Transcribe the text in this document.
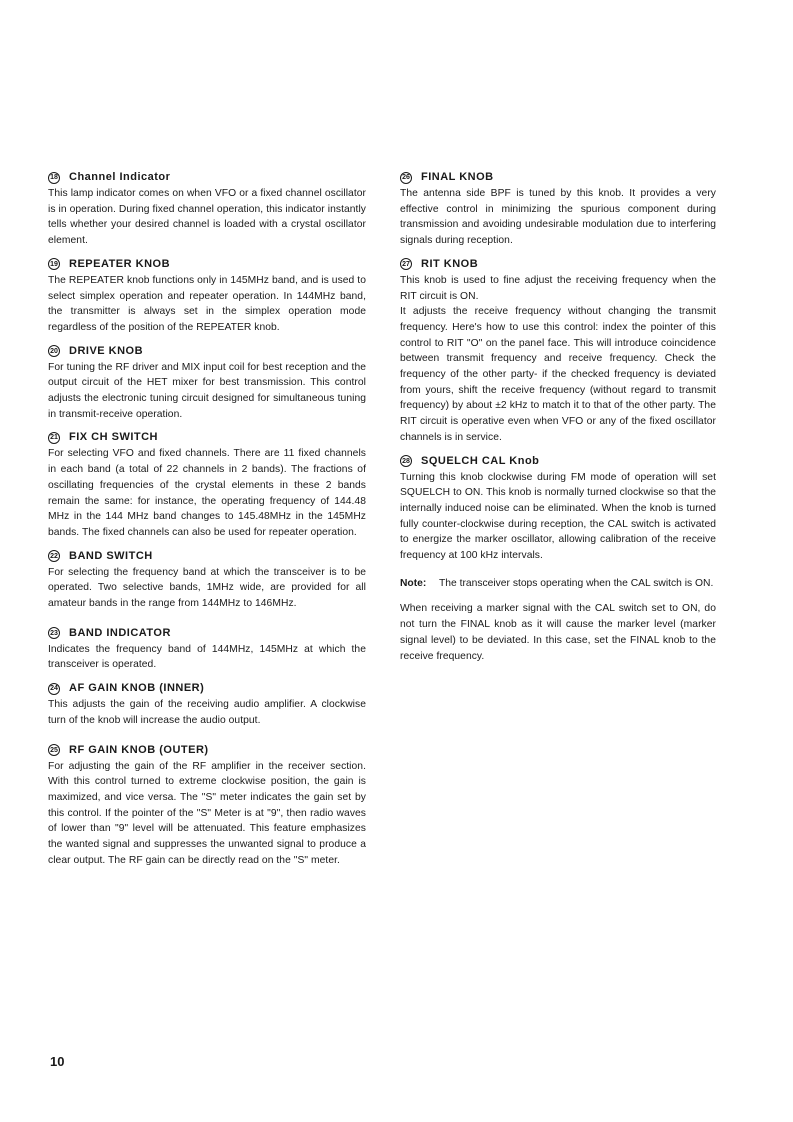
18 Channel Indicator
This lamp indicator comes on when VFO or a fixed channel oscillator is in operation. During fixed channel operation, this indicator instantly tells whether your desired channel is loaded with a crystal oscillator element.
19 REPEATER KNOB
The REPEATER knob functions only in 145MHz band, and is used to select simplex operation and repeater operation. In 144MHz band, the transmitter is always set in the simplex operation mode regardless of the position of the REPEATER knob.
20 DRIVE KNOB
For tuning the RF driver and MIX input coil for best reception and the output circuit of the HET mixer for best transmission. This control adjusts the electronic tuning circuit designed for simultaneous tuning in transmit-receive operation.
21 FIX CH SWITCH
For selecting VFO and fixed channels. There are 11 fixed channels in each band (a total of 22 channels in 2 bands). The fractions of oscillating frequencies of the crystal elements in these 2 bands remain the same: for instance, the operating frequency of 144.48 MHz in the 144 MHz band changes to 145.48MHz in the 145MHz bands. The fixed channels can also be used for repeater operation.
22 BAND SWITCH
For selecting the frequency band at which the transceiver is to be operated. Two selective bands, 1MHz wide, are provided for all amateur bands in the range from 144MHz to 146MHz.
23 BAND INDICATOR
Indicates the frequency band of 144MHz, 145MHz at which the transceiver is operated.
24 AF GAIN KNOB (INNER)
This adjusts the gain of the receiving audio amplifier. A clockwise turn of the knob will increase the audio output.
25 RF GAIN KNOB (OUTER)
For adjusting the gain of the RF amplifier in the receiver section. With this control turned to extreme clockwise position, the gain is maximized, and vice versa. The "S" meter indicates the gain set by this control. If the pointer of the "S" Meter is at "9", then radio waves of lower than "9" level will be attenuated. This feature emphasizes the wanted signal and suppresses the unwanted signal to produce a clear output. The RF gain can be directly read on the "S" meter.
26 FINAL KNOB
The antenna side BPF is tuned by this knob. It provides a very effective control in minimizing the spurious component during transmission and avoiding undesirable modulation due to interfering signals during reception.
27 RIT KNOB
This knob is used to fine adjust the receiving frequency when the RIT circuit is ON.
It adjusts the receive frequency without changing the transmit frequency. Here's how to use this control: index the pointer of this control to RIT "O" on the panel face. This will introduce coincidence between transmit frequency and receive frequency. Check the frequency of the other party- if the checked frequency is deviated from yours, shift the receive frequency (without regard to transmit frequency) by about ±2 kHz to match it to that of the other party. The RIT circuit is operative even when VFO or any of the fixed oscillator channels is in service.
28 SQUELCH CAL Knob
Turning this knob clockwise during FM mode of operation will set SQUELCH to ON. This knob is normally turned clockwise so that the internally induced noise can be eliminated. When the knob is turned fully counter-clockwise during reception, the CAL switch is activated to energize the marker oscillator, allowing calibration of the receive frequency at 100 kHz intervals.
Note:	The transceiver stops operating when the CAL switch is ON.
When receiving a marker signal with the CAL switch set to ON, do not turn the FINAL knob as it will cause the marker level (marker signal level) to be deviated. In this case, set the FINAL knob to the receive frequency.
10
